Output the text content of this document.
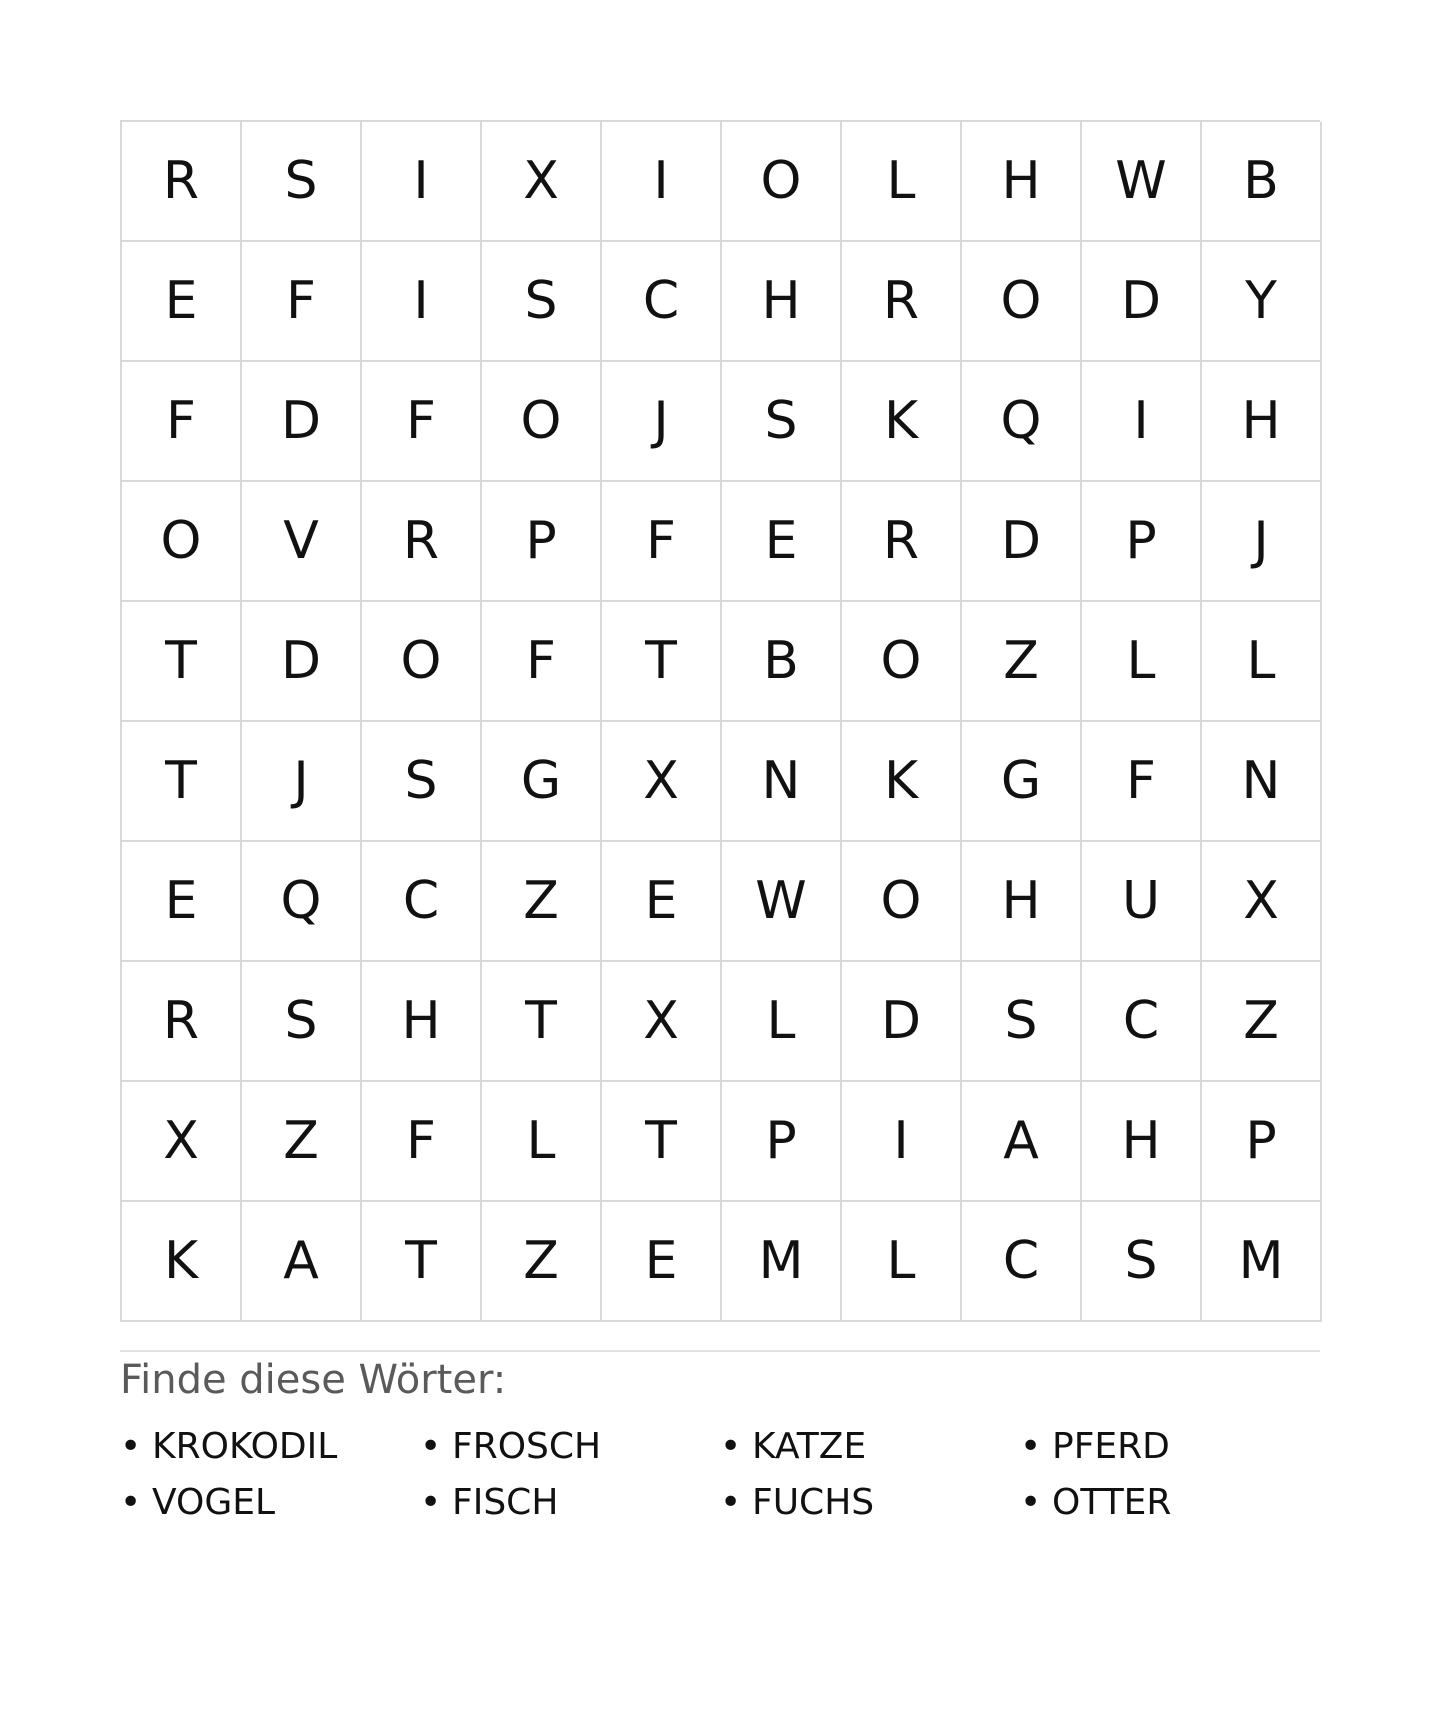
R	S	I	X	I	O	L	H	W	B
E	F	I	S	C	H	R	O	D	Y
F	D	F	O	J	S	K	Q	I	H
O	V	R	P	F	E	R	D	P	J
T	D	O	F	T	B	O	Z	L	L
T	J	S	G	X	N	K	G	F	N
E	Q	C	Z	E	W	O	H	U	X
R	S	H	T	X	L	D	S	C	Z
X	Z	F	L	T	P	I	A	H	P
K	A	T	Z	E	M	L	C	S	M
Finde diese Wörter:
• KROKODIL • FROSCH	• KATZE	• PFERD
• VOGEL	• FISCH	• FUCHS	• OTTER
